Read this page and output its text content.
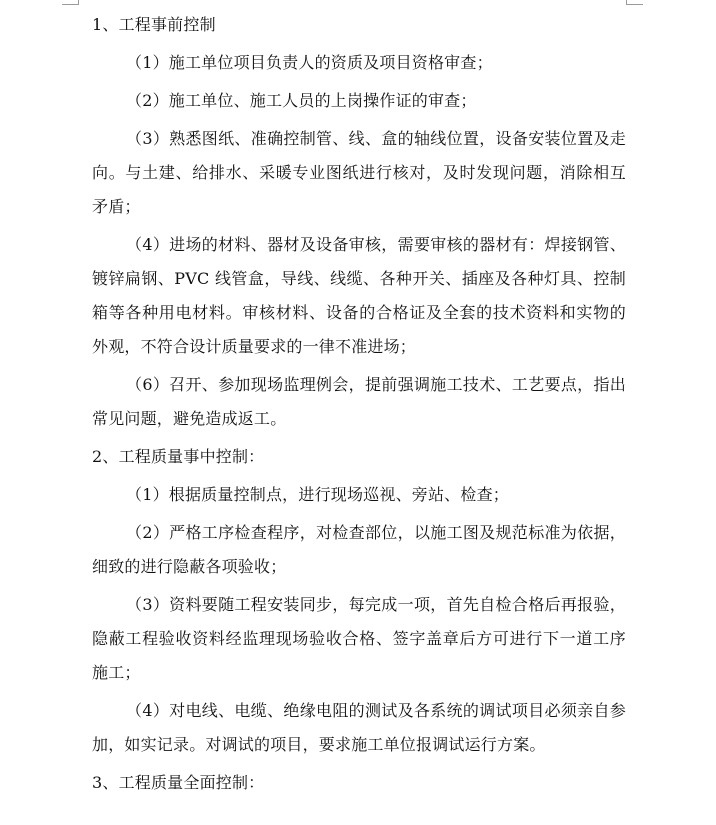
1、工程事前控制

（1）施工单位项目负责人的资质及项目资格审查；

（2）施工单位、施工人员的上岗操作证的审查；

（3）熟悉图纸、准确控制管、线、盒的轴线位置，设备安装位置及走向。与土建、给排水、采暖专业图纸进行核对，及时发现问题，消除相互矛盾；

（4）进场的材料、器材及设备审核，需要审核的器材有：焊接钢管、镀锌扁钢、PVC 线管盒，导线、线缆、各种开关、插座及各种灯具、控制箱等各种用电材料。审核材料、设备的合格证及全套的技术资料和实物的外观，不符合设计质量要求的一律不准进场；

（6）召开、参加现场监理例会，提前强调施工技术、工艺要点，指出常见问题，避免造成返工。

2、工程质量事中控制：

（1）根据质量控制点，进行现场巡视、旁站、检查；

（2）严格工序检查程序，对检查部位，以施工图及规范标准为依据，细致的进行隐蔽各项验收；

（3）资料要随工程安装同步，每完成一项，首先自检合格后再报验，隐蔽工程验收资料经监理现场验收合格、签字盖章后方可进行下一道工序施工；

（4）对电线、电缆、绝缘电阻的测试及各系统的调试项目必须亲自参加，如实记录。对调试的项目，要求施工单位报调试运行方案。

3、工程质量全面控制：
